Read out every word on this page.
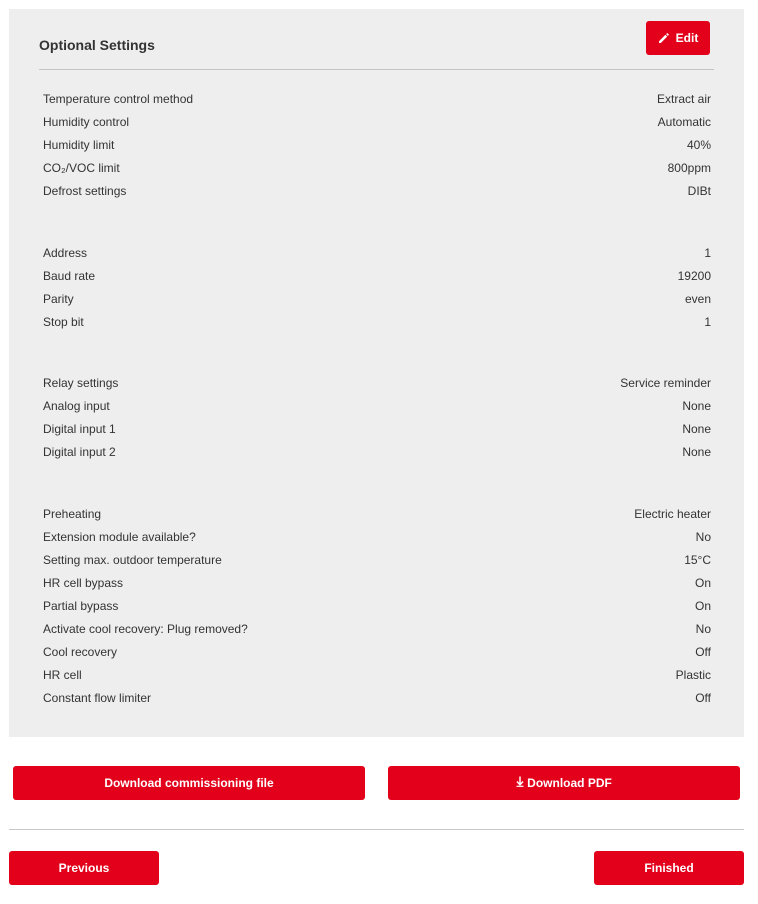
Optional Settings	Edit
Temperature control method	Extract air
Humidity control	Automatic
Humidity limit	40%
CO₂/VOC limit	800ppm
Defrost settings	DIBt
Address	1
Baud rate	19200
Parity	even
Stop bit	1
Relay settings	Service reminder
Analog input	None
Digital input 1	None
Digital input 2	None
Preheating	Electric heater
Extension module available?	No
Setting max. outdoor temperature	15°C
HR cell bypass	On
Partial bypass	On
Activate cool recovery: Plug removed?	No
Cool recovery	Off
HR cell	Plastic
Constant flow limiter	Off
Download commissioning file	Download PDF
Previous	Finished
